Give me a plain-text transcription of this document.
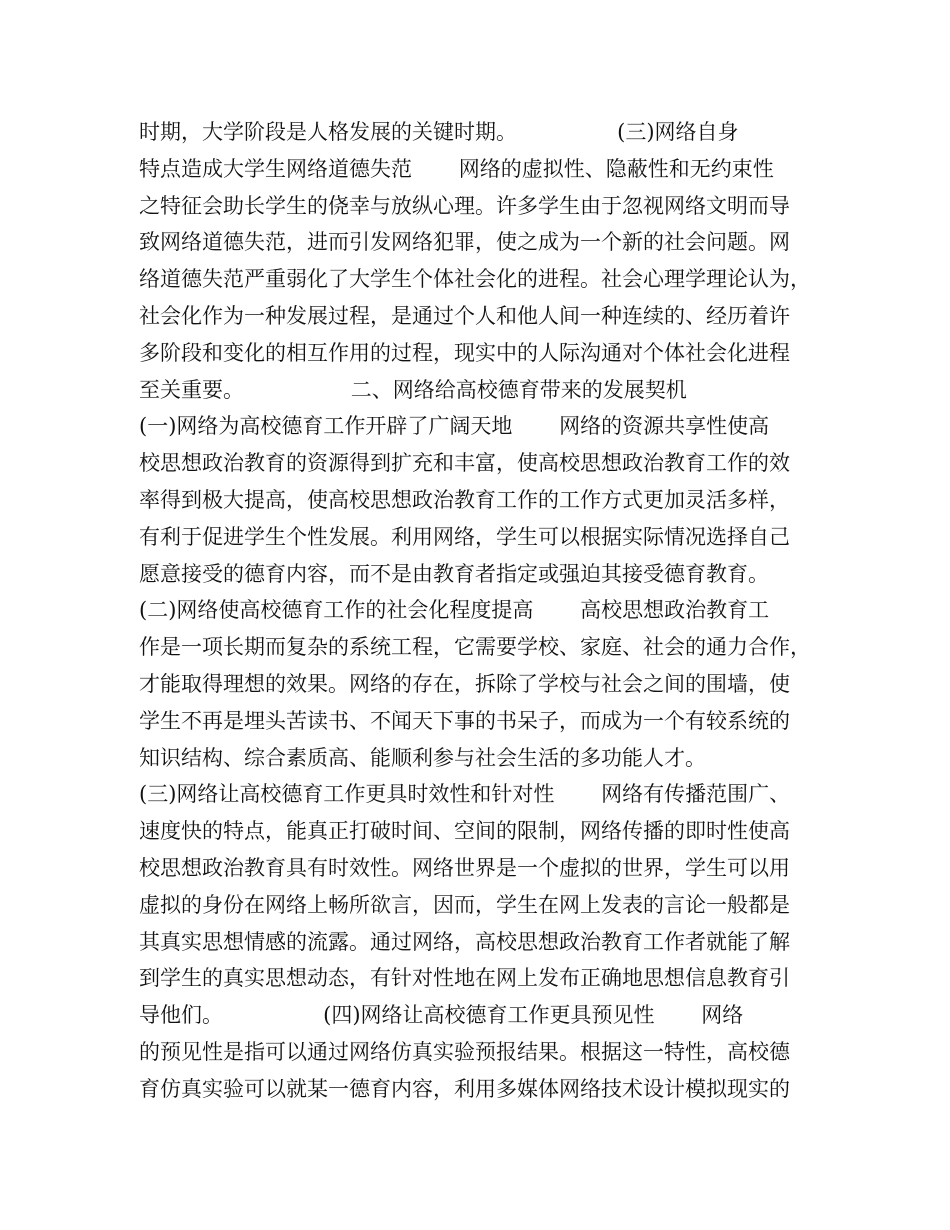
时期，大学阶段是人格发展的关键时期。               (三)网络自身
特点造成大学生网络道德失范       网络的虚拟性、隐蔽性和无约束性
之特征会助长学生的侥幸与放纵心理。许多学生由于忽视网络文明而导
致网络道德失范，进而引发网络犯罪，使之成为一个新的社会问题。网
络道德失范严重弱化了大学生个体社会化的进程。社会心理学理论认为，
社会化作为一种发展过程，是通过个人和他人间一种连续的、经历着许
多阶段和变化的相互作用的过程，现实中的人际沟通对个体社会化进程
至关重要。                二、网络给高校德育带来的发展契机
(一)网络为高校德育工作开辟了广阔天地       网络的资源共享性使高
校思想政治教育的资源得到扩充和丰富，使高校思想政治教育工作的效
率得到极大提高，使高校思想政治教育工作的工作方式更加灵活多样，
有利于促进学生个性发展。利用网络，学生可以根据实际情况选择自己
愿意接受的德育内容，而不是由教育者指定或强迫其接受德育教育。
(二)网络使高校德育工作的社会化程度提高       高校思想政治教育工
作是一项长期而复杂的系统工程，它需要学校、家庭、社会的通力合作，
才能取得理想的效果。网络的存在，拆除了学校与社会之间的围墙，使
学生不再是埋头苦读书、不闻天下事的书呆子，而成为一个有较系统的
知识结构、综合素质高、能顺利参与社会生活的多功能人才。
(三)网络让高校德育工作更具时效性和针对性       网络有传播范围广、
速度快的特点，能真正打破时间、空间的限制，网络传播的即时性使高
校思想政治教育具有时效性。网络世界是一个虚拟的世界，学生可以用
虚拟的身份在网络上畅所欲言，因而，学生在网上发表的言论一般都是
其真实思想情感的流露。通过网络，高校思想政治教育工作者就能了解
到学生的真实思想动态，有针对性地在网上发布正确地思想信息教育引
导他们。               (四)网络让高校德育工作更具预见性       网络
的预见性是指可以通过网络仿真实验预报结果。根据这一特性，高校德
育仿真实验可以就某一德育内容，利用多媒体网络技术设计模拟现实的
